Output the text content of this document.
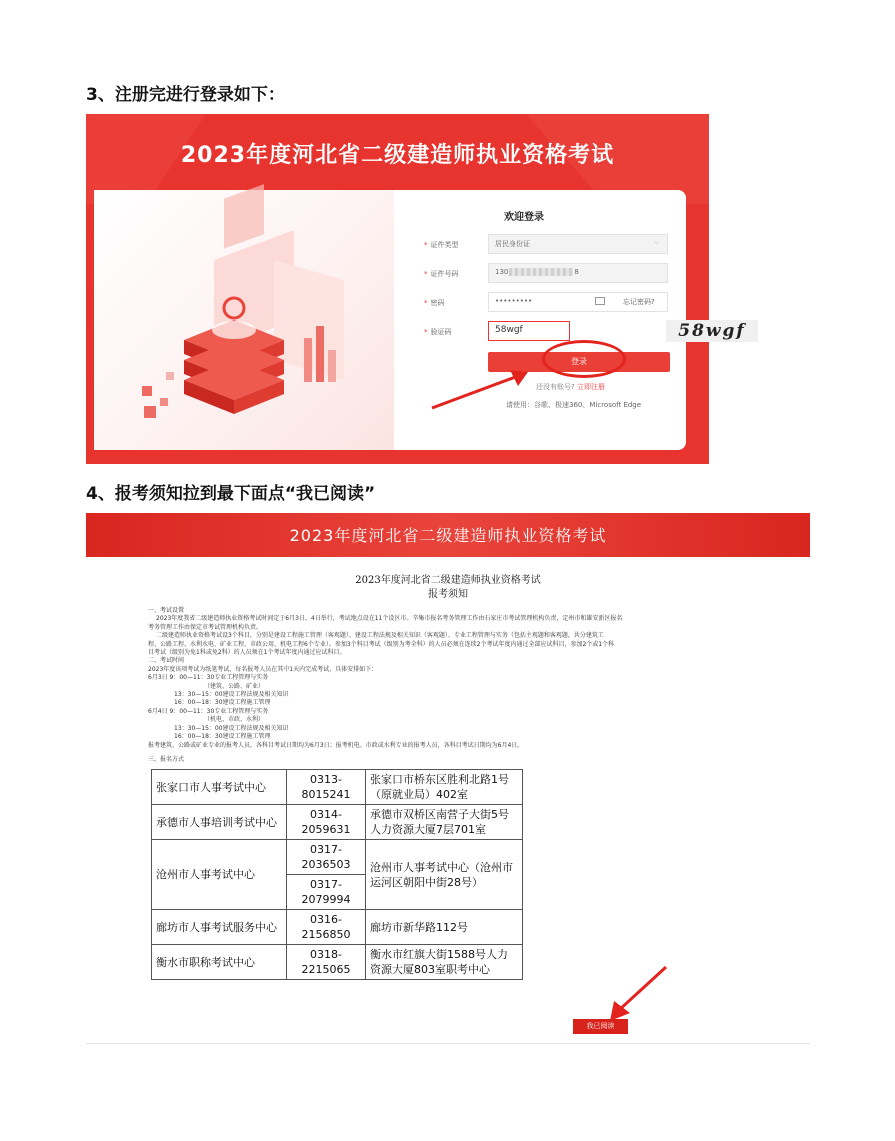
3、注册完进行登录如下：
2023年度河北省二级建造师执业资格考试
欢迎登录
* 证件类型	居民身份证	⌵
* 证件号码	130	8
* 密码	•••••••••	忘记密码?
* 验证码	58wgf	58wgf
登录
还没有账号? 立即注册
请使用：谷歌、极速360、Microsoft Edge
4、报考须知拉到最下面点“我已阅读”
2023年度河北省二级建造师执业资格考试
2023年度河北省二级建造师执业资格考试
报考须知
一、考试设置
2023年度我省二级建造师执业资格考试时间定于6月3日、4日举行，考试地点设在11个设区市。辛集市报名考务管理工作由石家庄市考试管理机构负责，定州市和雄安新区报名
考务管理工作由保定市考试管理机构负责。
二级建造师执业资格考试设3个科目，分别是建设工程施工管理（客观题）、建设工程法规及相关知识（客观题）、专业工程管理与实务（包括主观题和客观题，共分建筑工
程、公路工程、水利水电、矿业工程、市政公用、机电工程6个专业）。参加3个科目考试（级别为考全科）的人员必须在连续2个考试年度内通过全部应试科目，参加2个或1个科
目考试（级别为免1科或免2科）的人员须在1个考试年度内通过应试科目。
二、考试时间
2023年度该项考试为纸笔考试，每名报考人员在其中1天内完成考试，具体安排如下：
6月3日 9：00—11：30专业工程管理与实务
（建筑、公路、矿业）
13：30—15：00建设工程法规及相关知识
16：00—18：30建设工程施工管理
6月4日 9：00—11：30专业工程管理与实务
（机电、市政、水利）
13：30—15：00建设工程法规及相关知识
16：00—18：30建设工程施工管理
报考建筑、公路或矿业专业的报考人员，各科目考试日期均为6月3日；报考机电、市政或水利专业的报考人员，各科目考试日期均为6月4日。
三、报名方式
张家口市人事考试中心	0313-8015241	张家口市桥东区胜利北路1号（原就业局）402室
承德市人事培训考试中心	0314-2059631	承德市双桥区南营子大街5号人力资源大厦7层701室
沧州市人事考试中心	0317-2036503	沧州市人事考试中心（沧州市运河区朝阳中街28号）
	0317-2079994	
廊坊市人事考试服务中心	0316-2156850	廊坊市新华路112号
衡水市职称考试中心	0318-2215065	衡水市红旗大街1588号人力资源大厦803室职考中心
我已阅读
